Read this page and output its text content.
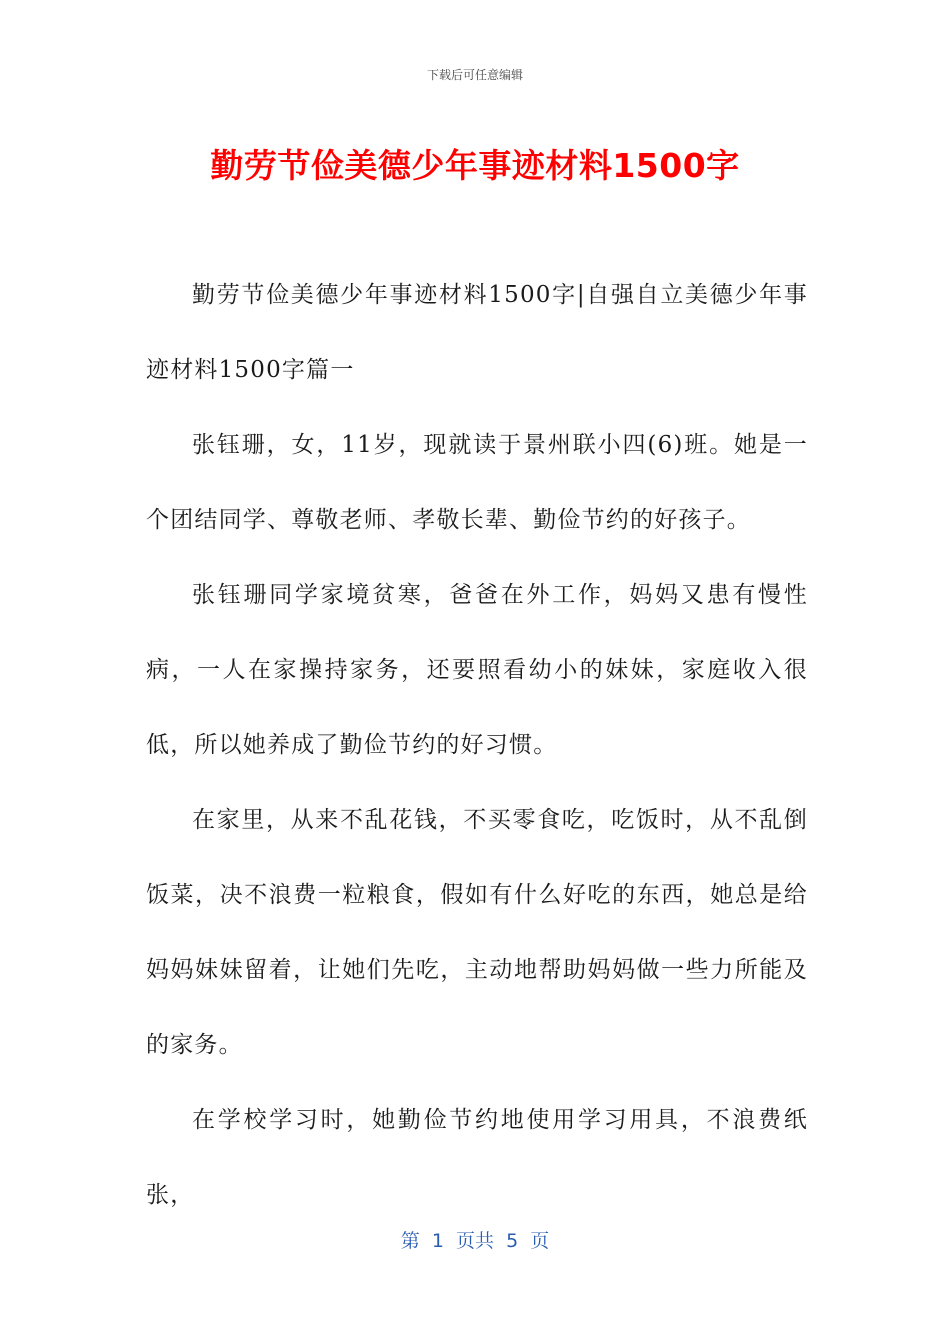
下载后可任意编辑
勤劳节俭美德少年事迹材料1500字

勤劳节俭美德少年事迹材料1500字|自强自立美德少年事迹材料1500字篇一

张钰珊，女，11岁，现就读于景州联小四(6)班。她是一个团结同学、尊敬老师、孝敬长辈、勤俭节约的好孩子。

张钰珊同学家境贫寒，爸爸在外工作，妈妈又患有慢性病，一人在家操持家务，还要照看幼小的妹妹，家庭收入很低，所以她养成了勤俭节约的好习惯。

在家里，从来不乱花钱，不买零食吃，吃饭时，从不乱倒饭菜，决不浪费一粒粮食，假如有什么好吃的东西，她总是给妈妈妹妹留着，让她们先吃，主动地帮助妈妈做一些力所能及的家务。

在学校学习时，她勤俭节约地使用学习用具，不浪费纸张，

第  1  页共  5  页
